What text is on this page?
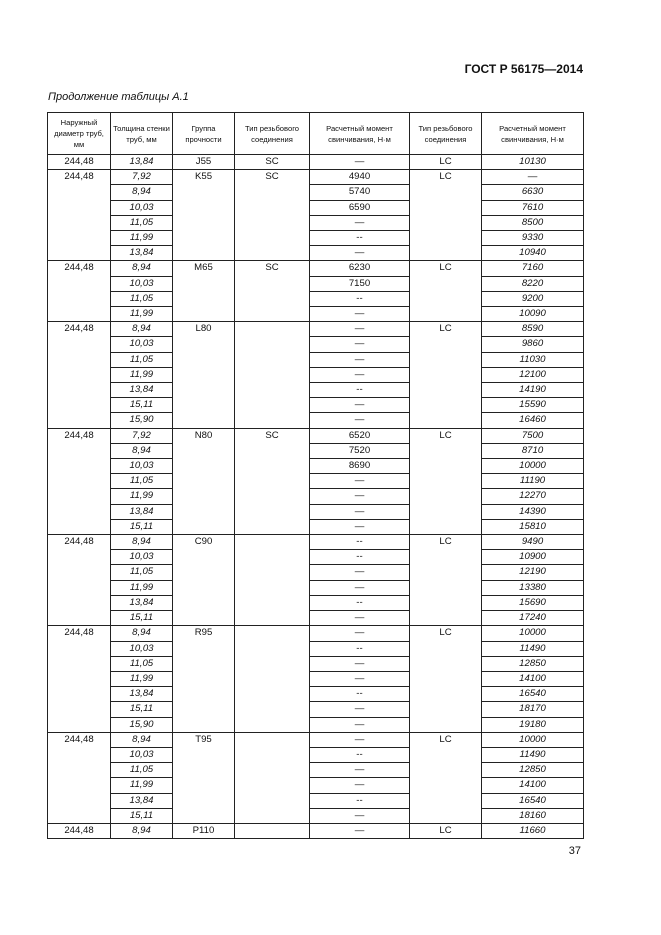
ГОСТ Р 56175—2014
Продолжение таблицы А.1
Наружный диаметр труб, мм	Толщина стенки труб, мм	Группа прочности	Тип резьбового соединения	Расчетный момент свинчивания, Н·м	Тип резьбового соединения	Расчетный момент свинчивания, Н·м
244,48	13,84	J55	SC	—	LC	10130
244,48	7,92	K55	SC	4940	LC	—
	8,94			5740		6630
	10,03			6590		7610
	11,05			—		8500
	11,99			--		9330
	13,84			—		10940
244,48	8,94	M65	SC	6230	LC	7160
	10,03			7150		8220
	11,05			--		9200
	11,99			—		10090
244,48	8,94	L80		—	LC	8590
	10,03			—		9860
	11,05			—		11030
	11,99			—		12100
	13,84			--		14190
	15,11			—		15590
	15,90			—		16460
244,48	7,92	N80	SC	6520	LC	7500
	8,94			7520		8710
	10,03			8690		10000
	11,05			—		11190
	11,99			—		12270
	13,84			—		14390
	15,11			—		15810
244,48	8,94	C90		--	LC	9490
	10,03			--		10900
	11,05			—		12190
	11,99			—		13380
	13,84			--		15690
	15,11			—		17240
244,48	8,94	R95		—	LC	10000
	10,03			--		11490
	11,05			—		12850
	11,99			—		14100
	13,84			--		16540
	15,11			—		18170
	15,90			—		19180
244,48	8,94	T95		—	LC	10000
	10,03			--		11490
	11,05			—		12850
	11,99			—		14100
	13,84			--		16540
	15,11			—		18160
244,48	8,94	P110		—	LC	11660
37
